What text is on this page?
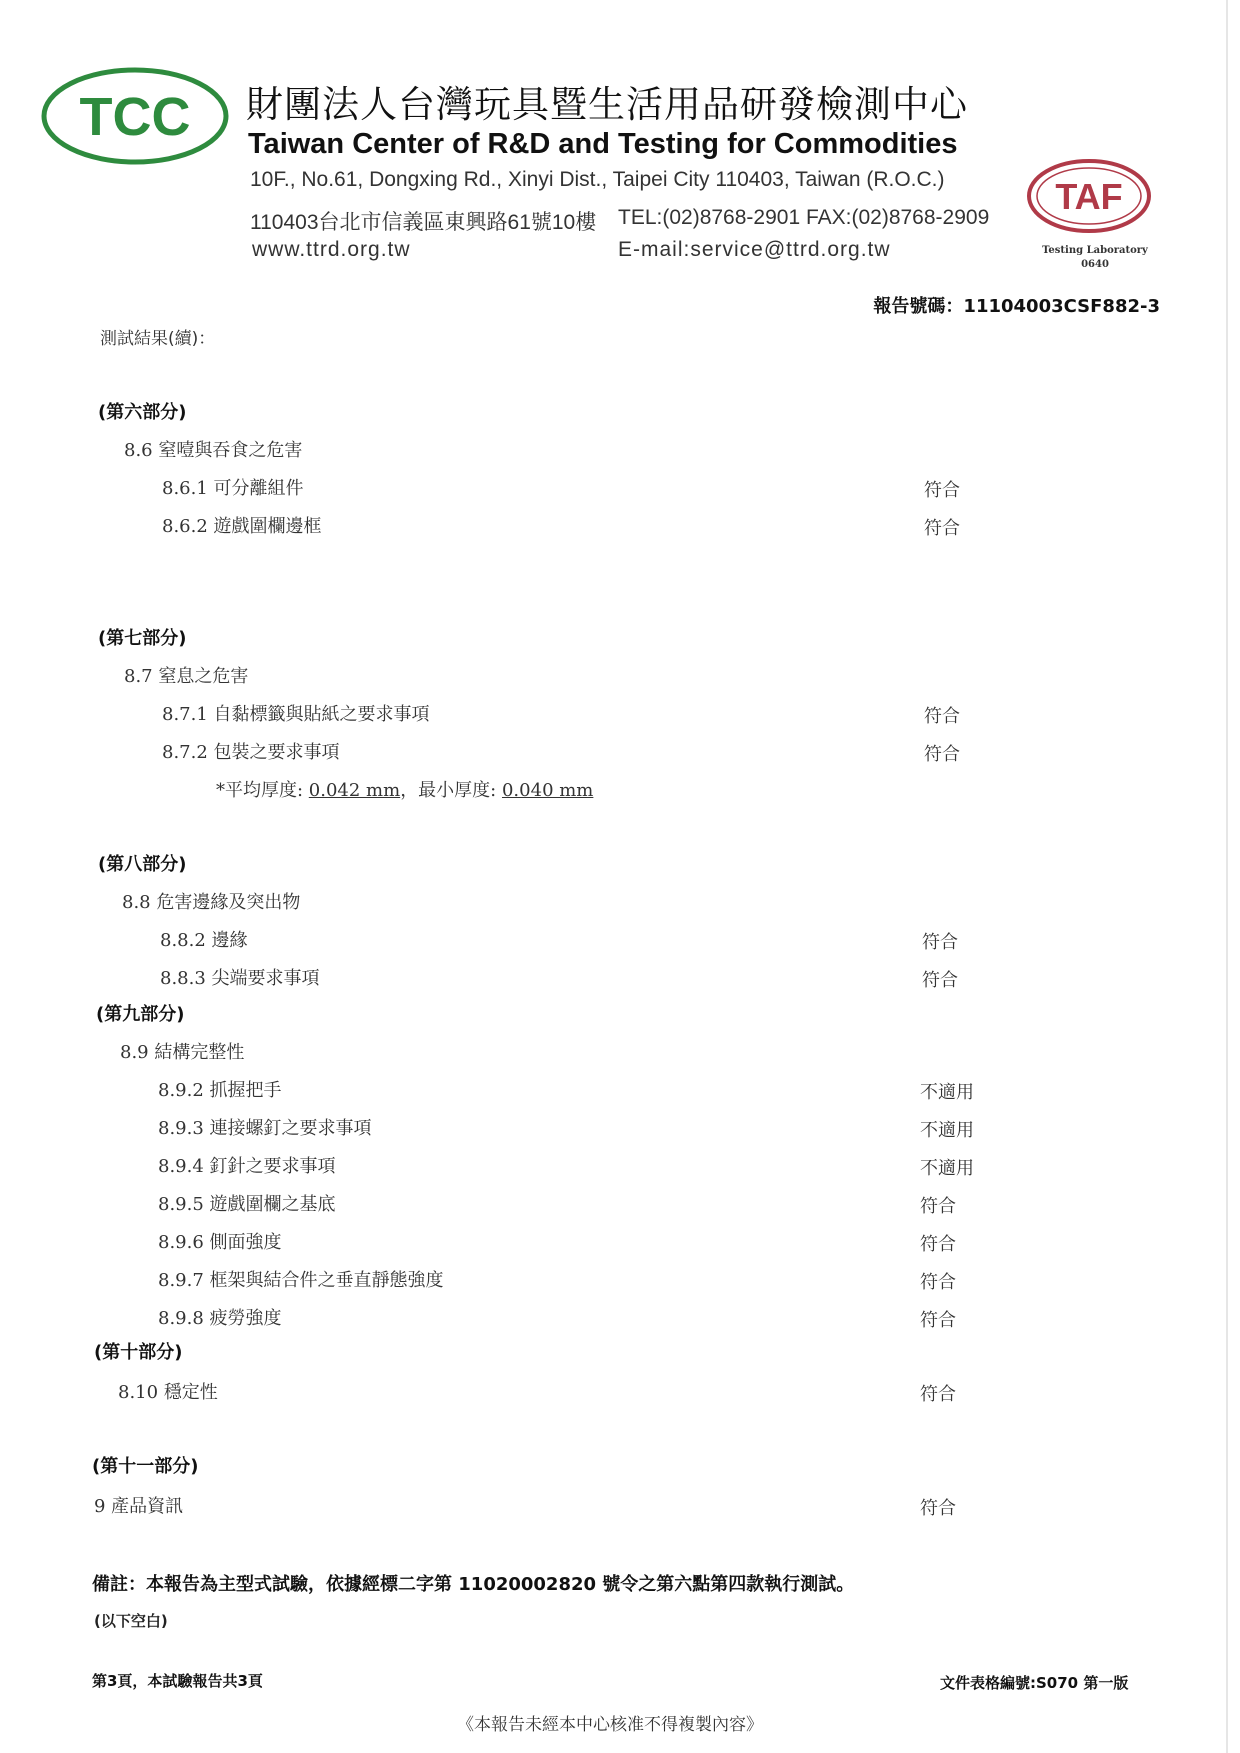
TCC 財團法人台灣玩具暨生活用品研發檢測中心
Taiwan Center of R&D and Testing for Commodities
10F., No.61, Dongxing Rd., Xinyi Dist., Taipei City 110403, Taiwan (R.O.C.)
110403台北市信義區東興路61號10樓 TEL:(02)8768-2901 FAX:(02)8768-2909
www.ttrd.org.tw	E-mail:service@ttrd.org.tw
TAF
Testing Laboratory
0640
報告號碼：11104003CSF882-3
測試結果(續)：
(第六部分)
8.6 窒噎與吞食之危害
8.6.1 可分離組件	符合
8.6.2 遊戲圍欄邊框	符合
(第七部分)
8.7 窒息之危害
8.7.1 自黏標籤與貼紙之要求事項	符合
8.7.2 包裝之要求事項	符合
*平均厚度: 0.042 mm，最小厚度: 0.040 mm
(第八部分)
8.8 危害邊緣及突出物
8.8.2 邊緣	符合
8.8.3 尖端要求事項	符合
(第九部分)
8.9 結構完整性
8.9.2 抓握把手	不適用
8.9.3 連接螺釘之要求事項	不適用
8.9.4 釘針之要求事項	不適用
8.9.5 遊戲圍欄之基底	符合
8.9.6 側面強度	符合
8.9.7 框架與結合件之垂直靜態強度	符合
8.9.8 疲勞強度	符合
(第十部分)
8.10 穩定性	符合
(第十一部分)
9 產品資訊	符合
備註：本報告為主型式試驗，依據經標二字第 11020002820 號令之第六點第四款執行測試。
(以下空白)
第3頁，本試驗報告共3頁	文件表格編號:S070 第一版
《本報告未經本中心核准不得複製內容》
